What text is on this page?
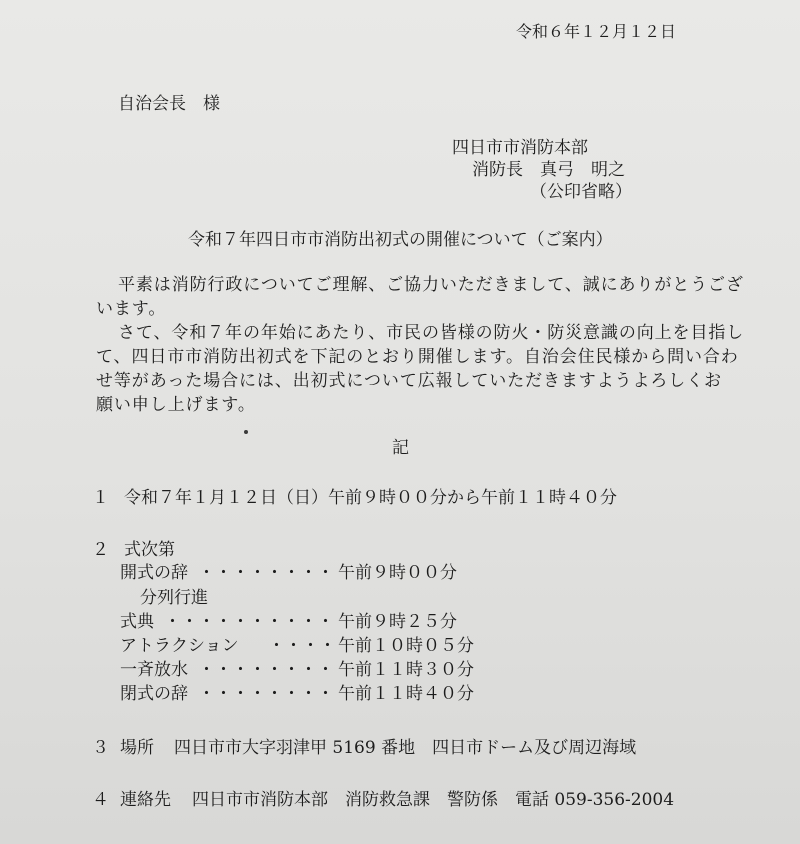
令和６年１２月１２日
自治会長　様
四日市市消防本部
消防長　真弓　明之
（公印省略）
令和７年四日市市消防出初式の開催について（ご案内）
平素は消防行政についてご理解、ご協力いただきまして、誠にありがとうござ
います。
さて、令和７年の年始にあたり、市民の皆様の防火・防災意識の向上を目指し
て、四日市市消防出初式を下記のとおり開催します。自治会住民様から問い合わ
せ等があった場合には、出初式について広報していただきますようよろしくお
願い申し上げます。
記
１ 令和７年１月１２日（日）午前９時００分から午前１１時４０分
２ 式次第
開式の辞 ・・・・・・・・ 午前９時００分
分列行進
式典 ・・・・・・・・・・ 午前９時２５分
アトラクション ・・・・ 午前１０時０５分
一斉放水 ・・・・・・・・ 午前１１時３０分
閉式の辞 ・・・・・・・・ 午前１１時４０分
３ 場所 四日市市大字羽津甲 5169 番地　四日市ドーム及び周辺海域
４ 連絡先 四日市市消防本部　消防救急課　警防係　電話 059-356-2004
